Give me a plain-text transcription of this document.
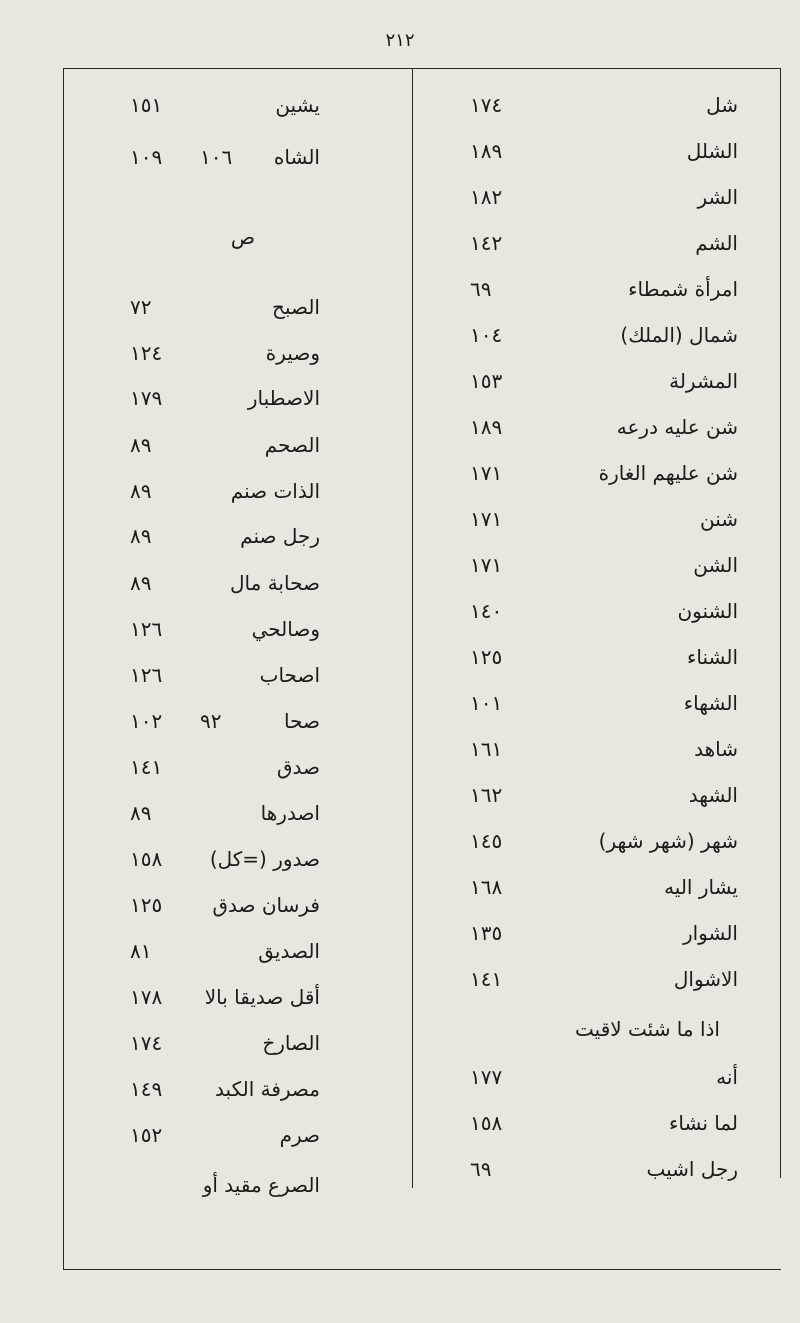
٢١٢
يشين
١٥١
الشاه
١٠٩ ١٠٦
ص
الصبح
٧٢
وصيرة
١٢٤
الاصطبار
١٧٩
الصحم
٨٩
الذات صنم
٨٩
رجل صنم
٨٩
صحابة مال
٨٩
وصالحي
١٢٦
اصحاب
١٢٦
صحا
١٠٢ ٩٢
صدق
١٤١
اصدرها
٨٩
صدور (=كل)
١٥٨
فرسان صدق
١٢٥
الصديق
٨١
أقل صديقا بالا
١٧٨
الصارخ
١٧٤
مصرفة الكبد
١٤٩
صرم
١٥٢
الصرع مقيد أو
شل
١٧٤
الشلل
١٨٩
الشر
١٨٢
الشم
١٤٢
امرأة شمطاء
٦٩
شمال (الملك)
١٠٤
المشرلة
١٥٣
شن عليه درعه
١٨٩
شن عليهم الغارة
١٧١
شنن
١٧١
الشن
١٧١
الشنون
١٤٠
الشناء
١٢٥
الشهاء
١٠١
شاهد
١٦١
الشهد
١٦٢
شهر (شهر شهر)
١٤٥
يشار اليه
١٦٨
الشوار
١٣٥
الاشوال
١٤١
اذا ما شئت لاقيت
أنه
١٧٧
لما نشاء
١٥٨
رجل اشيب
٦٩
